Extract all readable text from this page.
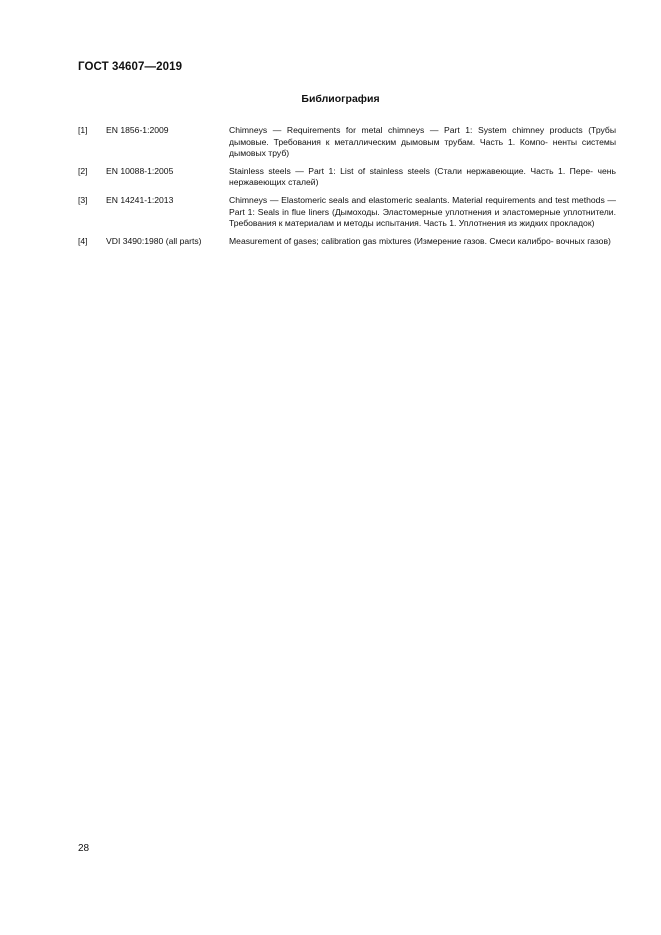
ГОСТ 34607—2019
Библиография
[1] EN 1856-1:2009	Chimneys — Requirements for metal chimneys — Part 1: System chimney products (Трубы дымовые. Требования к металлическим дымовым трубам. Часть 1. Компо- ненты системы дымовых труб)
[2] EN 10088-1:2005	Stainless steels — Part 1: List of stainless steels (Стали нержавеющие. Часть 1. Пере- чень нержавеющих сталей)
[3] EN 14241-1:2013	Chimneys — Elastomeric seals and elastomeric sealants. Material requirements and test methods — Part 1: Seals in flue liners (Дымоходы. Эластомерные уплотнения и эластомерные уплотнители. Требования к материалам и методы испытания. Часть 1. Уплотнения из жидких прокладок)
[4] VDI 3490:1980 (all parts)	Measurement of gases; calibration gas mixtures (Измерение газов. Смеси калибро- вочных газов)
28
